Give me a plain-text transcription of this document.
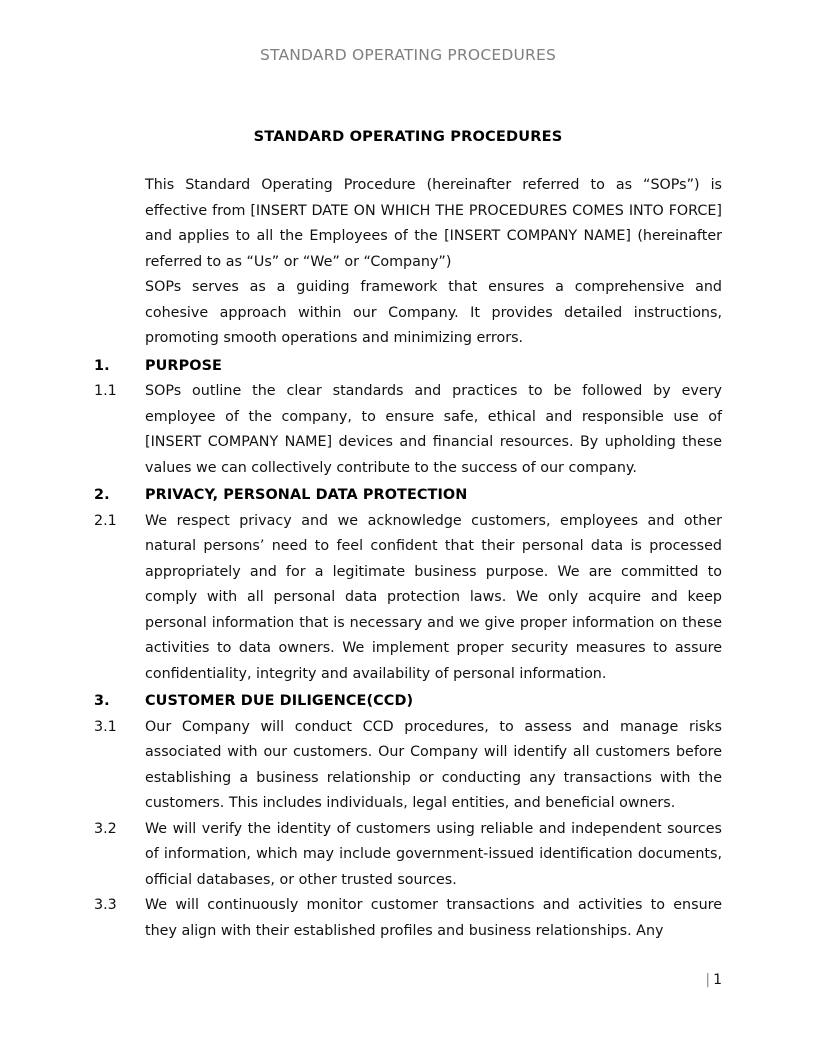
STANDARD OPERATING PROCEDURES
STANDARD OPERATING PROCEDURES

This Standard Operating Procedure (hereinafter referred to as “SOPs”) is effective from [INSERT DATE ON WHICH THE PROCEDURES COMES INTO FORCE] and applies to all the Employees of the [INSERT COMPANY NAME] (hereinafter referred to as “Us” or “We” or “Company”)

SOPs serves as a guiding framework that ensures a comprehensive and cohesive approach within our Company. It provides detailed instructions, promoting smooth operations and minimizing errors.

1.	PURPOSE
1.1	SOPs outline the clear standards and practices to be followed by every employee of the company, to ensure safe, ethical and responsible use of [INSERT COMPANY NAME] devices and financial resources. By upholding these values we can collectively contribute to the success of our company.
2.	PRIVACY, PERSONAL DATA PROTECTION
2.1	We respect privacy and we acknowledge customers, employees and other natural persons’ need to feel confident that their personal data is processed appropriately and for a legitimate business purpose. We are committed to comply with all personal data protection laws. We only acquire and keep personal information that is necessary and we give proper information on these activities to data owners. We implement proper security measures to assure confidentiality, integrity and availability of personal information.
3.	CUSTOMER DUE DILIGENCE(CCD)
3.1	Our Company will conduct CCD procedures, to assess and manage risks associated with our customers. Our Company will identify all customers before establishing a business relationship or conducting any transactions with the customers. This includes individuals, legal entities, and beneficial owners.
3.2	We will verify the identity of customers using reliable and independent sources of information, which may include government-issued identification documents, official databases, or other trusted sources.
3.3	We will continuously monitor customer transactions and activities to ensure they align with their established profiles and business relationships. Any
| 1
